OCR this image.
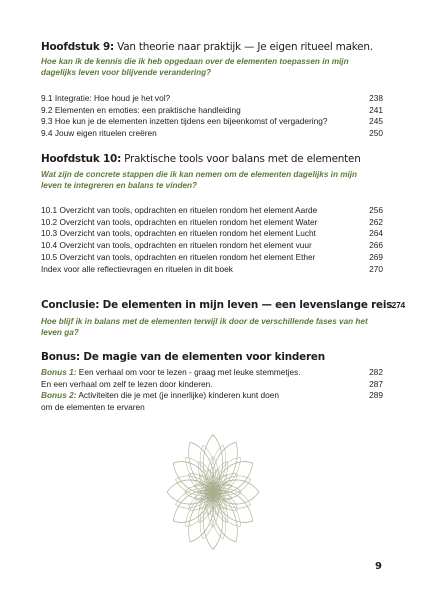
Hoofdstuk 9: Van theorie naar praktijk — Je eigen ritueel maken.
Hoe kan ik de kennis die ik heb opgedaan over de elementen toepassen in mijn dagelijks leven voor blijvende verandering?
9.1 Integratie: Hoe houd je het vol?	238
9.2 Elementen en emoties: een praktische handleiding	241
9.3 Hoe kun je de elementen inzetten tijdens een bijeenkomst of vergadering?	245
9.4 Jouw eigen rituelen creëren	250
Hoofdstuk 10: Praktische tools voor balans met de elementen
Wat zijn de concrete stappen die ik kan nemen om de elementen dagelijks in mijn leven te integreren en balans te vinden?
10.1 Overzicht van tools, opdrachten en rituelen rondom het element Aarde	256
10.2 Overzicht van tools, opdrachten en rituelen rondom het element Water	262
10.3 Overzicht van tools, opdrachten en rituelen rondom het element Lucht	264
10.4 Overzicht van tools, opdrachten en rituelen rondom het element vuur	266
10.5 Overzicht van tools, opdrachten en rituelen rondom het element Ether	269
Index voor alle reflectievragen en rituelen in dit boek	270
Conclusie: De elementen in mijn leven — een levenslange reis 274
Hoe blijf ik in balans met de elementen terwijl ik door de verschillende fases van het leven ga?
Bonus: De magie van de elementen voor kinderen
Bonus 1: Een verhaal om voor te lezen - graag met leuke stemmetjes.	282
En een verhaal om zelf te lezen door kinderen.	287
Bonus 2: Activiteiten die je met (je innerlijke) kinderen kunt doen	289
om de elementen te ervaren
9
